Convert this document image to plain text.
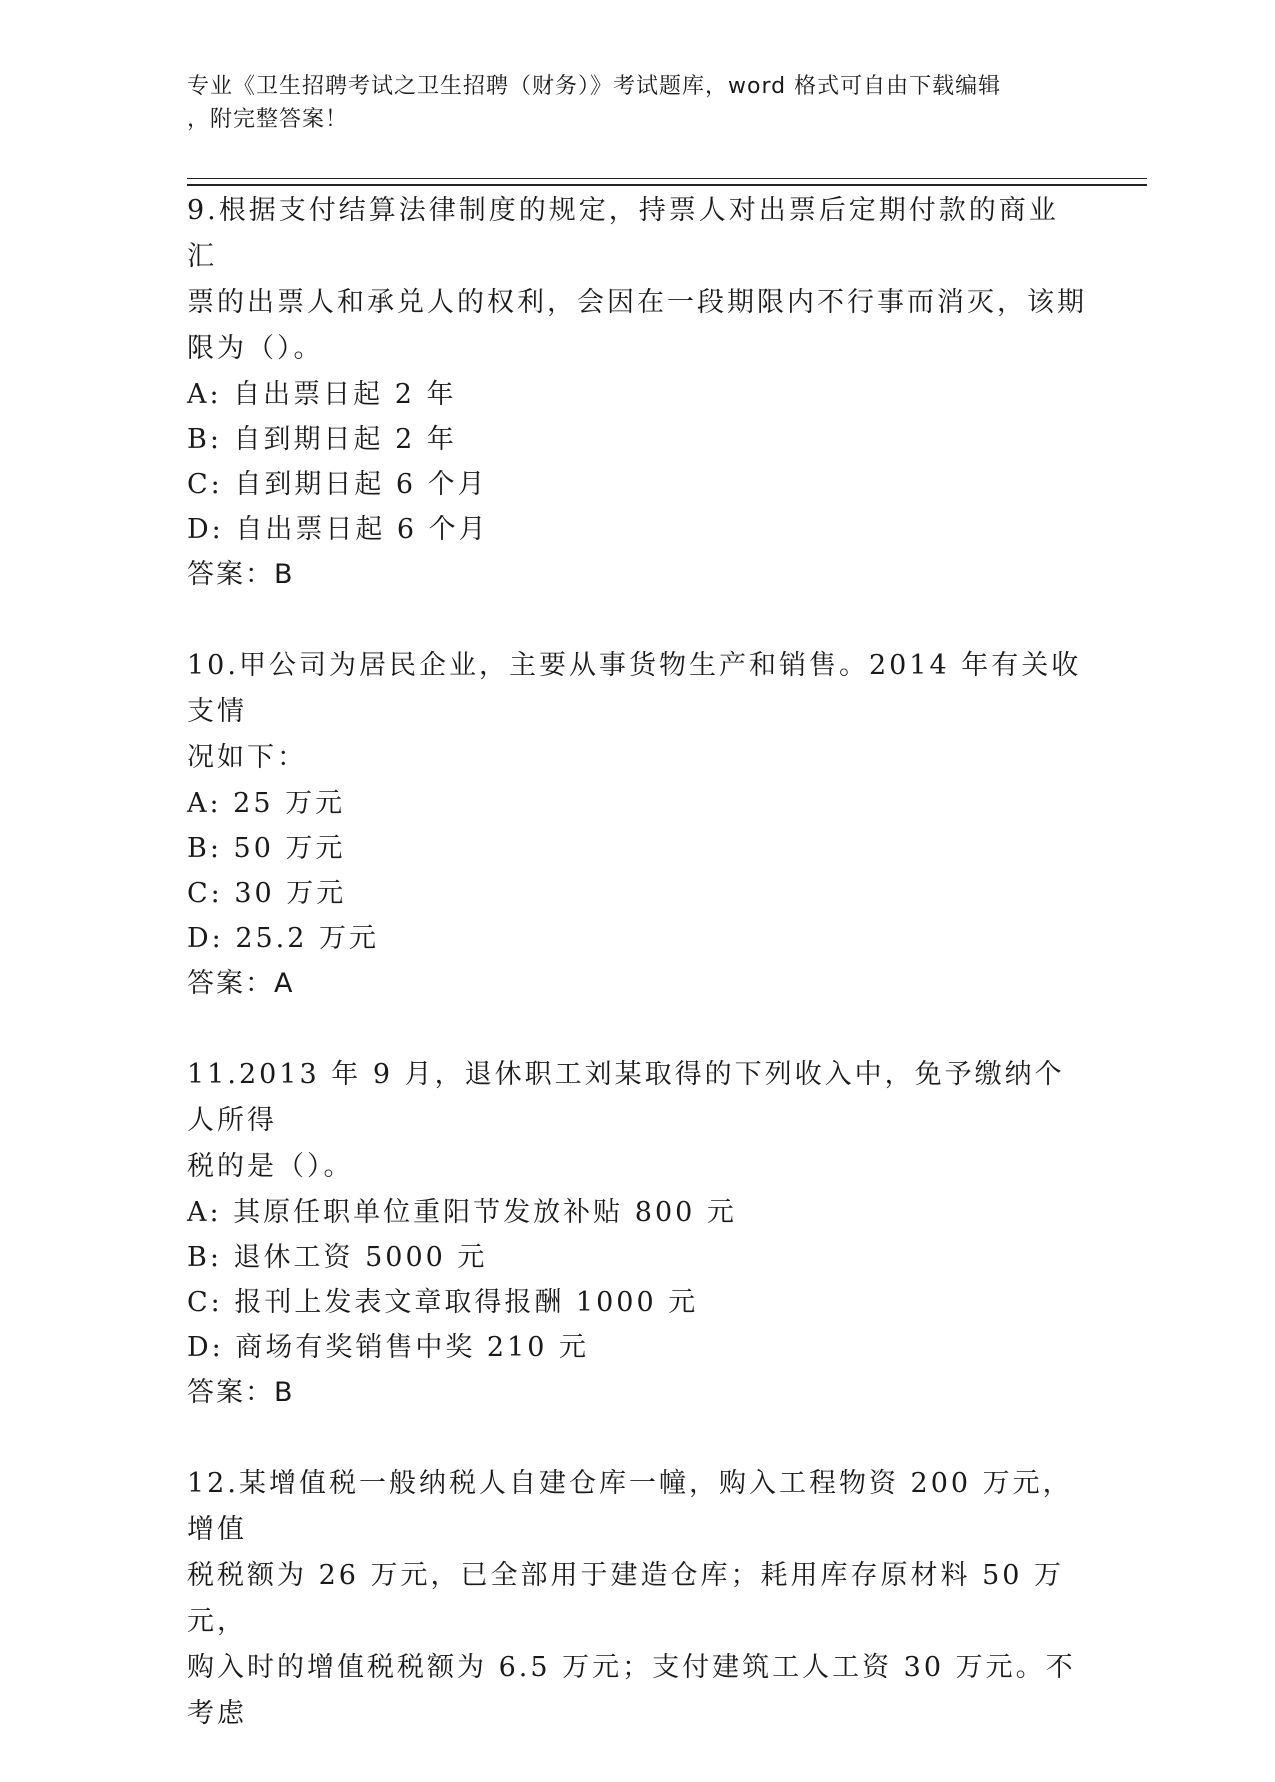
专业《卫生招聘考试之卫生招聘（财务）》考试题库，word 格式可自由下载编辑
，附完整答案！

9.根据支付结算法律制度的规定，持票人对出票后定期付款的商业汇

票的出票人和承兑人的权利，会因在一段期限内不行事而消灭，该期

限为（）。

A: 自出票日起 2 年

B: 自到期日起 2 年

C: 自到期日起 6 个月

D: 自出票日起 6 个月

答案：B

10.甲公司为居民企业，主要从事货物生产和销售。2014 年有关收支情

况如下：

A: 25 万元

B: 50 万元

C: 30 万元

D: 25.2 万元

答案：A

11.2013 年 9 月，退休职工刘某取得的下列收入中，免予缴纳个人所得

税的是（）。

A: 其原任职单位重阳节发放补贴 800 元

B: 退休工资 5000 元

C: 报刊上发表文章取得报酬 1000 元

D: 商场有奖销售中奖 210 元

答案：B

12.某增值税一般纳税人自建仓库一幢，购入工程物资 200 万元，增值

税税额为 26 万元，已全部用于建造仓库；耗用库存原材料 50 万元，

购入时的增值税税额为 6.5 万元；支付建筑工人工资 30 万元。不考虑
